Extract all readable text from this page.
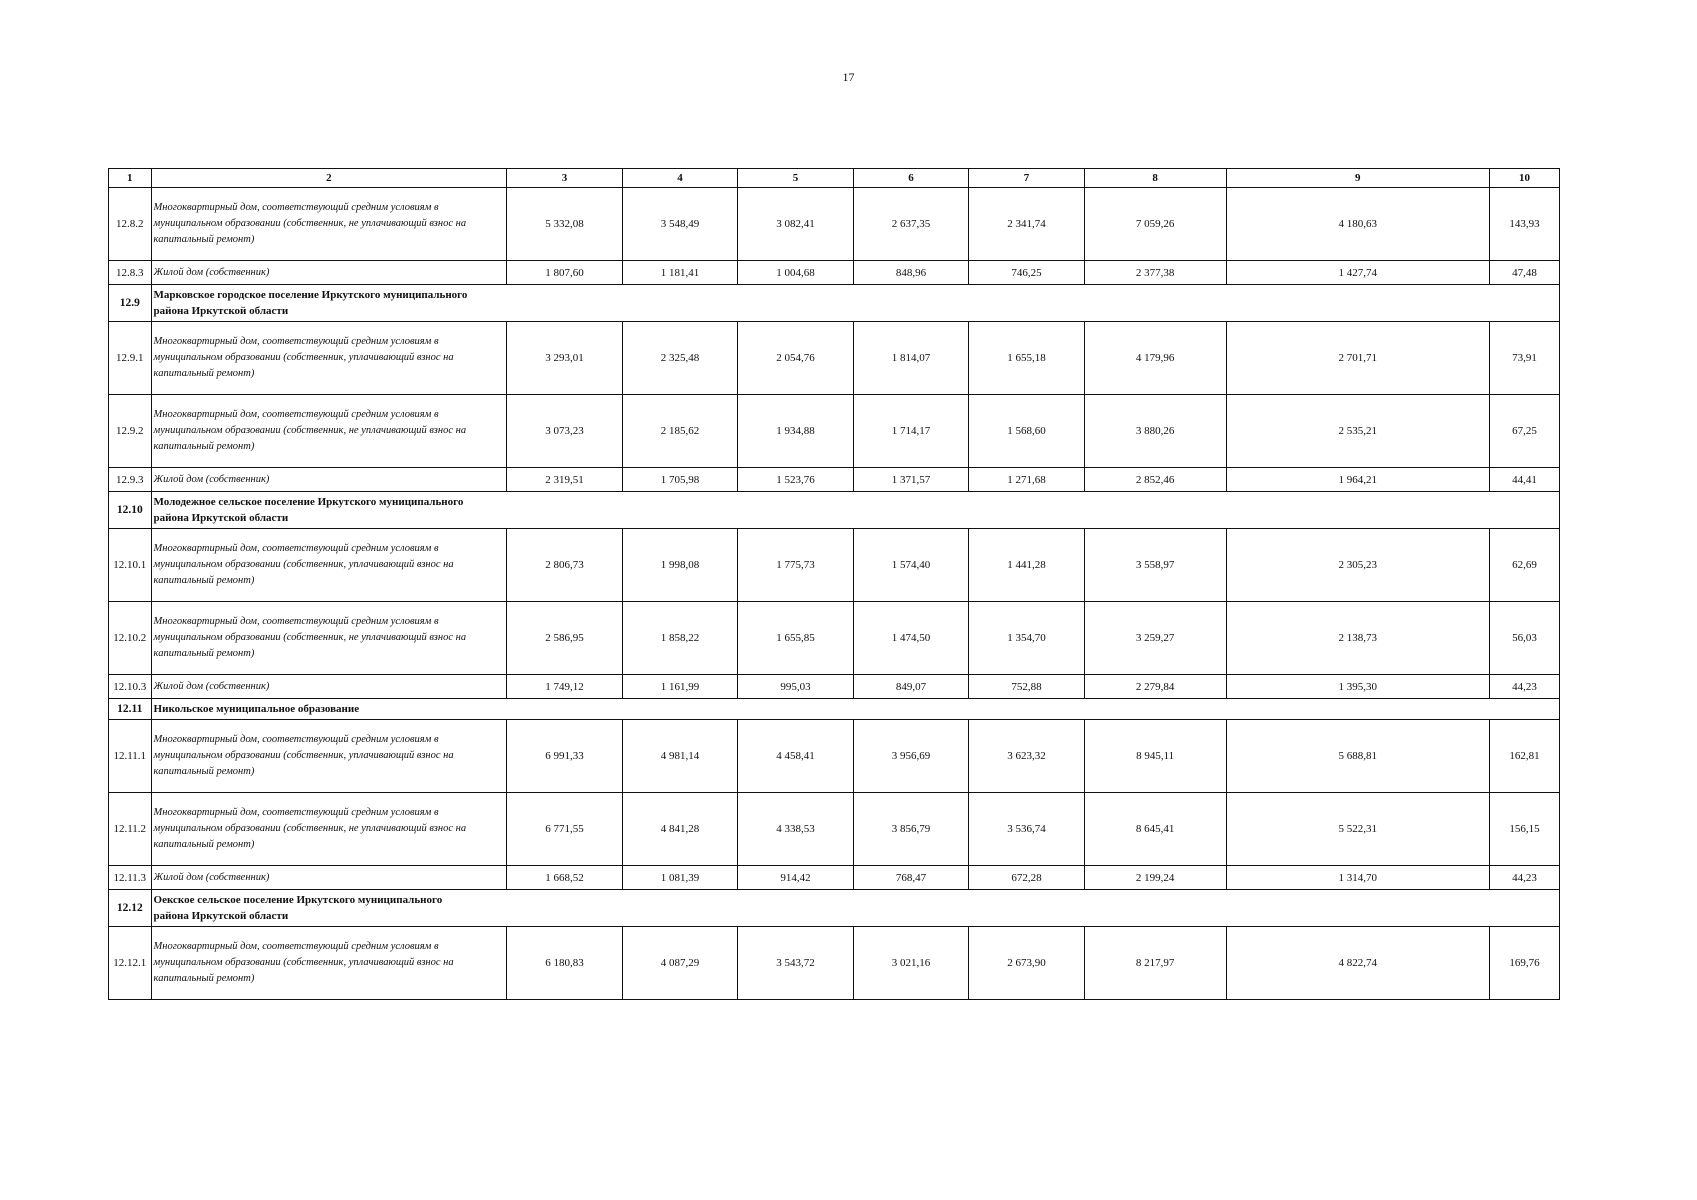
17
1	2	3	4	5	6	7	8	9	10
12.8.2	Многоквартирный дом, соответствующий средним условиям в муниципальном образовании (собственник, не уплачивающий взнос на капитальный ремонт)	5 332,08	3 548,49	3 082,41	2 637,35	2 341,74	7 059,26	4 180,63	143,93
12.8.3	Жилой дом (собственник)	1 807,60	1 181,41	1 004,68	848,96	746,25	2 377,38	1 427,74	47,48
12.9	Марковское городское поселение Иркутского муниципального района Иркутской области								

12.9.1	Многоквартирный дом, соответствующий средним условиям в муниципальном образовании (собственник, уплачивающий взнос на капитальный ремонт)	3 293,01	2 325,48	2 054,76	1 814,07	1 655,18	4 179,96	2 701,71	73,91
12.9.2	Многоквартирный дом, соответствующий средним условиям в муниципальном образовании (собственник, не уплачивающий взнос на капитальный ремонт)	3 073,23	2 185,62	1 934,88	1 714,17	1 568,60	3 880,26	2 535,21	67,25
12.9.3	Жилой дом (собственник)	2 319,51	1 705,98	1 523,76	1 371,57	1 271,68	2 852,46	1 964,21	44,41
12.10	Молодежное сельское поселение Иркутского муниципального района Иркутской области								

12.10.1	Многоквартирный дом, соответствующий средним условиям в муниципальном образовании (собственник, уплачивающий взнос на капитальный ремонт)	2 806,73	1 998,08	1 775,73	1 574,40	1 441,28	3 558,97	2 305,23	62,69
12.10.2	Многоквартирный дом, соответствующий средним условиям в муниципальном образовании (собственник, не уплачивающий взнос на капитальный ремонт)	2 586,95	1 858,22	1 655,85	1 474,50	1 354,70	3 259,27	2 138,73	56,03
12.10.3	Жилой дом (собственник)	1 749,12	1 161,99	995,03	849,07	752,88	2 279,84	1 395,30	44,23
12.11	Никольское муниципальное образование								

12.11.1	Многоквартирный дом, соответствующий средним условиям в муниципальном образовании (собственник, уплачивающий взнос на капитальный ремонт)	6 991,33	4 981,14	4 458,41	3 956,69	3 623,32	8 945,11	5 688,81	162,81
12.11.2	Многоквартирный дом, соответствующий средним условиям в муниципальном образовании (собственник, не уплачивающий взнос на капитальный ремонт)	6 771,55	4 841,28	4 338,53	3 856,79	3 536,74	8 645,41	5 522,31	156,15
12.11.3	Жилой дом (собственник)	1 668,52	1 081,39	914,42	768,47	672,28	2 199,24	1 314,70	44,23
12.12	Оекское сельское поселение Иркутского муниципального района Иркутской области								

12.12.1	Многоквартирный дом, соответствующий средним условиям в муниципальном образовании (собственник, уплачивающий взнос на капитальный ремонт)	6 180,83	4 087,29	3 543,72	3 021,16	2 673,90	8 217,97	4 822,74	169,76
